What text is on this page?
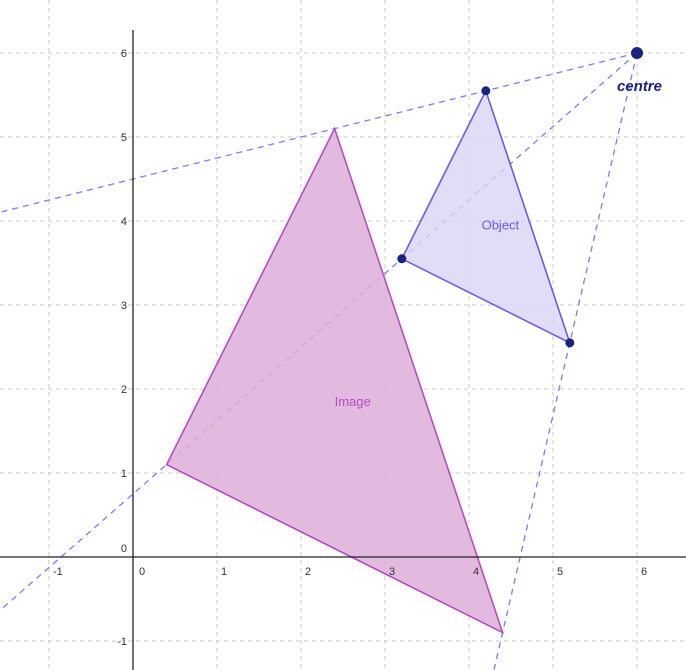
-1	1	2	3	4	5	6
0
-1
0
1
2
3
4
5
6
Object
Image
centre
